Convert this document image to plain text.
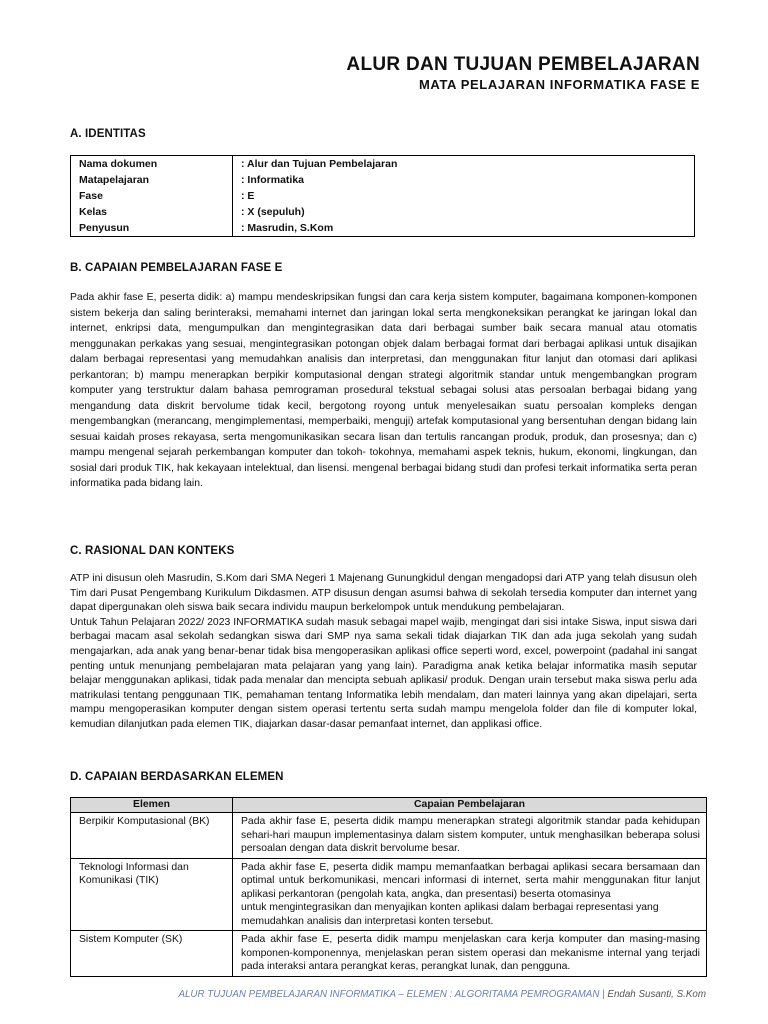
ALUR DAN TUJUAN PEMBELAJARAN
MATA PELAJARAN INFORMATIKA FASE E
A. IDENTITAS
Nama dokumen	: Alur dan Tujuan Pembelajaran
Matapelajaran	: Informatika
Fase	: E
Kelas	: X (sepuluh)
Penyusun	: Masrudin, S.Kom
B. CAPAIAN PEMBELAJARAN FASE E

Pada akhir fase E, peserta didik: a) mampu mendeskripsikan fungsi dan cara kerja sistem komputer, bagaimana komponen-komponen sistem bekerja dan saling berinteraksi, memahami internet dan jaringan lokal serta mengkoneksikan perangkat ke jaringan lokal dan internet, enkripsi data, mengumpulkan dan mengintegrasikan data dari berbagai sumber baik secara manual atau otomatis menggunakan perkakas yang sesuai, mengintegrasikan potongan objek dalam berbagai format dari berbagai aplikasi untuk disajikan dalam berbagai representasi yang memudahkan analisis dan interpretasi, dan menggunakan fitur lanjut dan otomasi dari aplikasi perkantoran; b) mampu menerapkan berpikir komputasional dengan strategi algoritmik standar untuk mengembangkan program komputer yang terstruktur dalam bahasa pemrograman prosedural tekstual sebagai solusi atas persoalan berbagai bidang yang mengandung data diskrit bervolume tidak kecil, bergotong royong untuk menyelesaikan suatu persoalan kompleks dengan mengembangkan (merancang, mengimplementasi, memperbaiki, menguji) artefak komputasional yang bersentuhan dengan bidang lain sesuai kaidah proses rekayasa, serta mengomunikasikan secara lisan dan tertulis rancangan produk, produk, dan prosesnya; dan c) mampu mengenal sejarah perkembangan komputer dan tokoh- tokohnya, memahami aspek teknis, hukum, ekonomi, lingkungan, dan sosial dari produk TIK, hak kekayaan intelektual, dan lisensi. mengenal berbagai bidang studi dan profesi terkait informatika serta peran informatika pada bidang lain.

C. RASIONAL DAN KONTEKS

ATP ini disusun oleh Masrudin, S.Kom dari SMA Negeri 1 Majenang Gunungkidul dengan mengadopsi dari ATP yang telah disusun oleh Tim dari Pusat Pengembang Kurikulum Dikdasmen. ATP disusun dengan asumsi bahwa di sekolah tersedia komputer dan internet yang dapat dipergunakan oleh siswa baik secara individu maupun berkelompok untuk mendukung pembelajaran.

Untuk Tahun Pelajaran 2022/ 2023 INFORMATIKA sudah masuk sebagai mapel wajib, mengingat dari sisi intake Siswa, input siswa dari berbagai macam asal sekolah sedangkan siswa dari SMP nya sama sekali tidak diajarkan TIK dan ada juga sekolah yang sudah mengajarkan, ada anak yang benar-benar tidak bisa mengoperasikan aplikasi office seperti word, excel, powerpoint (padahal ini sangat penting untuk menunjang pembelajaran mata pelajaran yang yang lain). Paradigma anak ketika belajar informatika masih seputar belajar menggunakan aplikasi, tidak pada menalar dan mencipta sebuah aplikasi/ produk. Dengan urain tersebut maka siswa perlu ada matrikulasi tentang penggunaan TIK, pemahaman tentang Informatika lebih mendalam, dan materi lainnya yang akan dipelajari, serta mampu mengoperasikan komputer dengan sistem operasi tertentu serta sudah mampu mengelola folder dan file di komputer lokal, kemudian dilanjutkan pada elemen TIK, diajarkan dasar-dasar pemanfaat internet, dan applikasi office.

D. CAPAIAN BERDASARKAN ELEMEN
Elemen	Capaian Pembelajaran
Berpikir Komputasional (BK)	Pada akhir fase E, peserta didik mampu menerapkan strategi algoritmik standar pada kehidupan sehari-hari maupun implementasinya dalam sistem komputer, untuk menghasilkan beberapa solusi persoalan dengan data diskrit bervolume besar.

Teknologi Informasi dan Komunikasi (TIK)	Pada akhir fase E, peserta didik mampu memanfaatkan berbagai aplikasi secara bersamaan dan optimal untuk berkomunikasi, mencari informasi di internet, serta mahir menggunakan fitur lanjut aplikasi perkantoran (pengolah kata, angka, dan presentasi) beserta otomasinya
untuk mengintegrasikan dan menyajikan konten aplikasi dalam berbagai representasi yang memudahkan analisis dan interpretasi konten tersebut.

Sistem Komputer (SK)	Pada akhir fase E, peserta didik mampu menjelaskan cara kerja komputer dan masing-masing komponen-komponennya, menjelaskan peran sistem operasi dan mekanisme internal yang terjadi pada interaksi antara perangkat keras, perangkat lunak, dan pengguna.
ALUR TUJUAN PEMBELAJARAN INFORMATIKA – ELEMEN : ALGORITAMA PEMROGRAMAN | Endah Susanti, S.Kom
